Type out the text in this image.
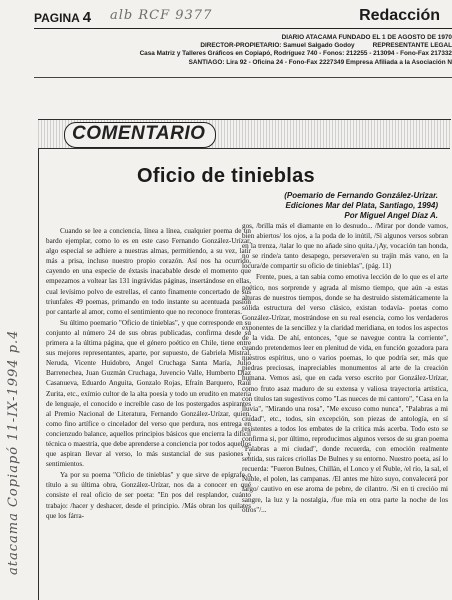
PAGINA 4 alb RCF 9377	Redacción
DIARIO ATACAMA FUNDADO EL 1 DE AGOSTO DE 1970
DIRECTOR-PROPIETARIO: Samuel Salgado Godoy	REPRESENTANTE LEGAL
Casa Matriz y Talleres Gráficos en Copiapó, Rodríguez 740 - Fonos: 212255 - 213094 - Fono-Fax 217332
SANTIAGO: Lira 92 - Oficina 24 - Fono-Fax 2227349 Empresa Afiliada a la Asociación N
atacama Copiapó 11-IX-1994 p.4
COMENTARIO
Oficio de tinieblas
(Poemario de Fernando González-Urizar.
Ediciones Mar del Plata, Santiago, 1994)
Por Miguel Angel Díaz A.

Cuando se lee a conciencia, línea a línea, cualquier poema de un bardo ejemplar, como lo es en este caso Fernando González-Urízar, algo especial se adhiere a nuestras almas, permitiendo, a su vez, latir más a prisa, incluso nuestro propio corazón. Así nos ha ocurrido, cayendo en una especie de éxtasis inacabable desde el momento que empezamos a voltear las 131 ingrávidas páginas, insertándose en ellas, cual levísimo polvo de estrellas, el canto finamente concertado de sus triunfales 49 poemas, primando en todo instante su acentuada pasión por cantarle al amor, como el sentimiento que no reconoce fronteras.

Su último poemario "Oficio de tinieblas", y que corresponde en su conjunto al número 24 de sus obras publicadas, confirma desde su primera a la última página, que el género poético en Chile, tiene entre sus mejores representantes, aparte, por supuesto, de Gabriela Mistral, Neruda, Vicente Huidobro, Angel Cruchaga Santa María, Julio Barrenechea, Juan Guzmán Cruchaga, Juvencio Valle, Humberto Díaz Casanueva, Eduardo Anguita, Gonzalo Rojas, Efraín Barquero, Raúl Zurita, etc., exímio cultor de la alta poesía y todo un erudito en materia de lenguaje, el conocido e increíble caso de los postergados aspirantes al Premio Nacional de Literatura, Fernando González-Urízar, quien, como fino artífice o cincelador del verso que perdura, nos entrega en concienzudo balance, aquellos principios básicos que encierra la difícil técnica o maestría, que debe aprenderse a conciencia por todos aquellos que aspiran llevar al verso, lo más sustancial de sus pasiones y sentimientos.

Ya por su poema "Oficio de tinieblas" y que sirve de epígrafe o título a su última obra, González-Urízar, nos da a conocer en qué consiste el real oficio de ser poeta: "En pos del resplandor, cuánto trabajo: /hacer y deshacer, desde el principio. /Más obran los quilates que los fárra-

gos, /brilla más el diamante en lo desnudo... /Mirar por donde vamos, bien abiertos/ los ojos, a la poda de lo inútil, /Si algunos versos sobran en la trenza, /talar lo que no añade sino quita./¡Ay, vocación tan honda, no se rinde/a tanto desapego, persevera/en su trajín más vano, en la locura/de compartir su oficio de tinieblas", (pág. 11)

Frente, pues, a tan sabia como emotiva lección de lo que es el arte poético, nos sorprende y agrada al mismo tiempo, que aún -a estas alturas de nuestros tiempos, donde se ha destruido sistemáticamente la sólida estructura del verso clásico, existan todavía- poetas como González-Urízar, mostrándose en su real esencia, como los verdaderos exponentes de la sencillez y la claridad meridiana, en todos los aspectos de la vida. De ahí, entonces, "que se navegue contra la corriente", cuando pretendemos leer en plenitud de vida, en función gozadora para nuestros espíritus, uno o varios poemas, lo que podría ser, más que piedras preciosas, inapreciables monumentos al arte de la creación humana. Vemos así, que en cada verso escrito por González-Urízar, como fruto asaz maduro de su extensa y valiosa trayectoria artística, con títulos tan sugestivos como "Las nueces de mi cantoro", "Casa en la lluvia", "Mirando una rosa", "Me excuso como nunca", "Palabras a mi ciudad", etc., todos, sin excepción, son piezas de antología, en sí resistentes a todos los embates de la crítica más acerba. Todo esto se confirma si, por último, reproducimos algunos versos de su gran poema "Palabras a mi ciudad", donde recuerda, con emoción realmente sentida, sus raíces criollas De Bulnes y su entorno. Nuestro poeta, así lo recuerda: "Fueron Bulnes, Chillán, el Lonco y el Ñuble, /el río, la sal, el Ñuble, el polen, las campanas. /El antes me hizo suyo, convalecerá por largo/ cautivo en ese aroma de pebre, de cilantro. /Si en ti crecióo mi sangre, la luz y la nostalgia, /fue mía en otra parte la noche de los otros"/...
